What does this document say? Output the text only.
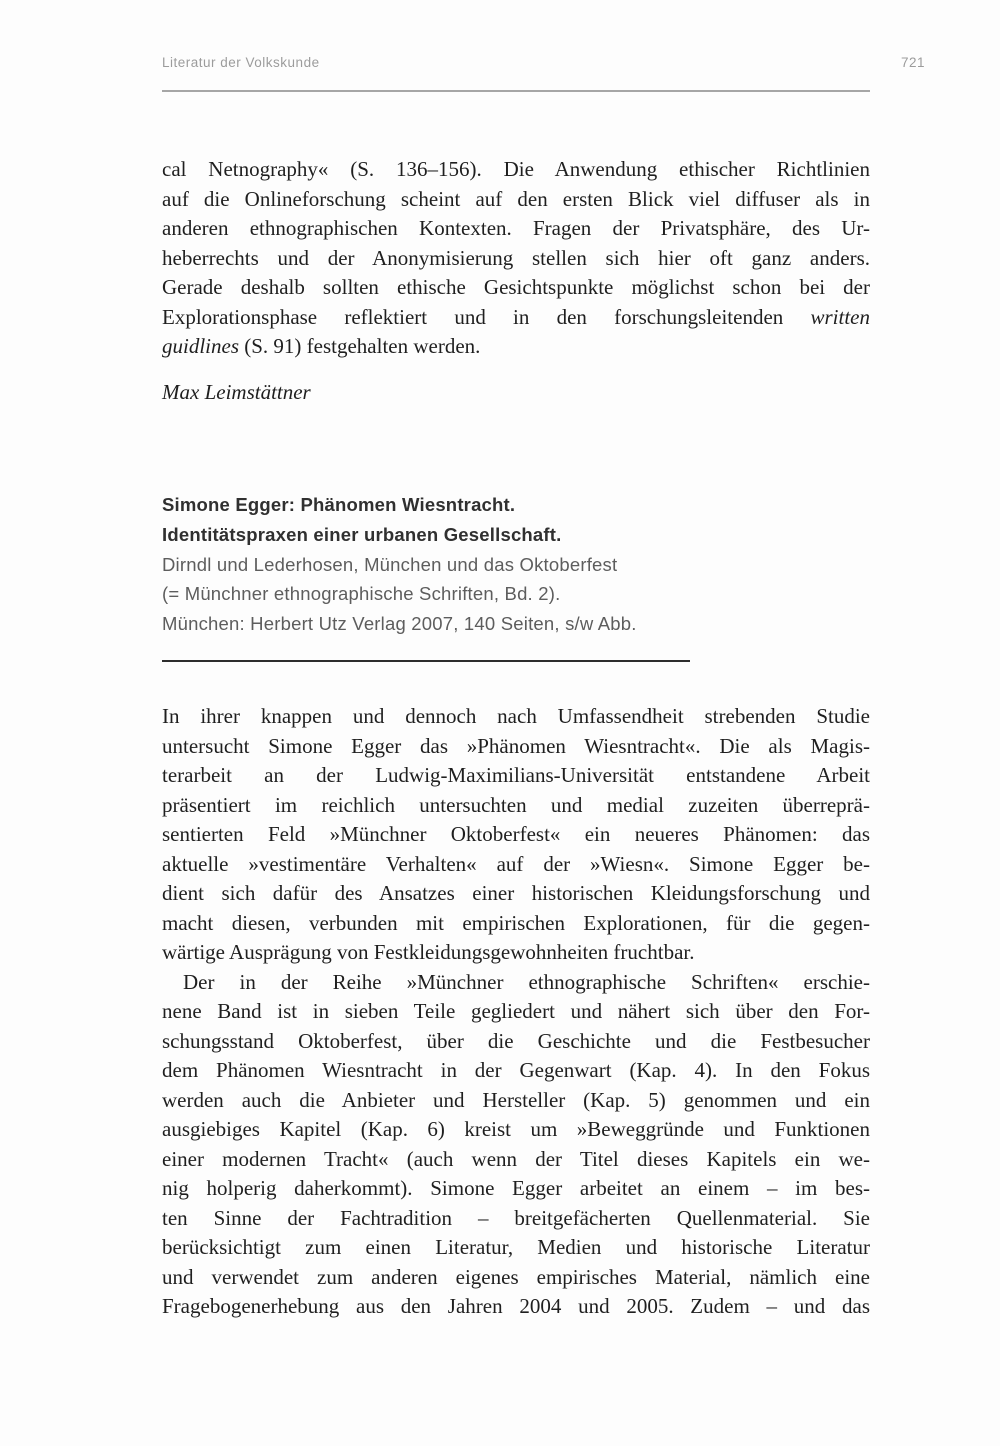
Literatur der Volkskunde	721
cal Netnography« (S. 136–156). Die Anwendung ethischer Richtlinien
auf die Onlineforschung scheint auf den ersten Blick viel diffuser als in
anderen ethnographischen Kontexten. Fragen der Privatsphäre, des Ur-
heberrechts und der Anonymisierung stellen sich hier oft ganz anders.
Gerade deshalb sollten ethische Gesichtspunkte möglichst schon bei der
Explorationsphase reflektiert und in den forschungsleitenden written
guidlines (S. 91) festgehalten werden.
Max Leimstättner
Simone Egger: Phänomen Wiesntracht.
Identitätspraxen einer urbanen Gesellschaft.
Dirndl und Lederhosen, München und das Oktoberfest
(= Münchner ethnographische Schriften, Bd. 2).
München: Herbert Utz Verlag 2007, 140 Seiten, s/w Abb.
In ihrer knappen und dennoch nach Umfassendheit strebenden Studie
untersucht Simone Egger das »Phänomen Wiesntracht«. Die als Magis-
terarbeit an der Ludwig-Maximilians-Universität entstandene Arbeit
präsentiert im reichlich untersuchten und medial zuzeiten überreprä-
sentierten Feld »Münchner Oktoberfest« ein neueres Phänomen: das
aktuelle »vestimentäre Verhalten« auf der »Wiesn«. Simone Egger be-
dient sich dafür des Ansatzes einer historischen Kleidungsforschung und
macht diesen, verbunden mit empirischen Explorationen, für die gegen-
wärtige Ausprägung von Festkleidungsgewohnheiten fruchtbar.
Der in der Reihe »Münchner ethnographische Schriften« erschie-
nene Band ist in sieben Teile gegliedert und nähert sich über den For-
schungsstand Oktoberfest, über die Geschichte und die Festbesucher
dem Phänomen Wiesntracht in der Gegenwart (Kap. 4). In den Fokus
werden auch die Anbieter und Hersteller (Kap. 5) genommen und ein
ausgiebiges Kapitel (Kap. 6) kreist um »Beweggründe und Funktionen
einer modernen Tracht« (auch wenn der Titel dieses Kapitels ein we-
nig holperig daherkommt). Simone Egger arbeitet an einem – im bes-
ten Sinne der Fachtradition – breitgefächerten Quellenmaterial. Sie
berücksichtigt zum einen Literatur, Medien und historische Literatur
und verwendet zum anderen eigenes empirisches Material, nämlich eine
Fragebogenerhebung aus den Jahren 2004 und 2005. Zudem – und das
